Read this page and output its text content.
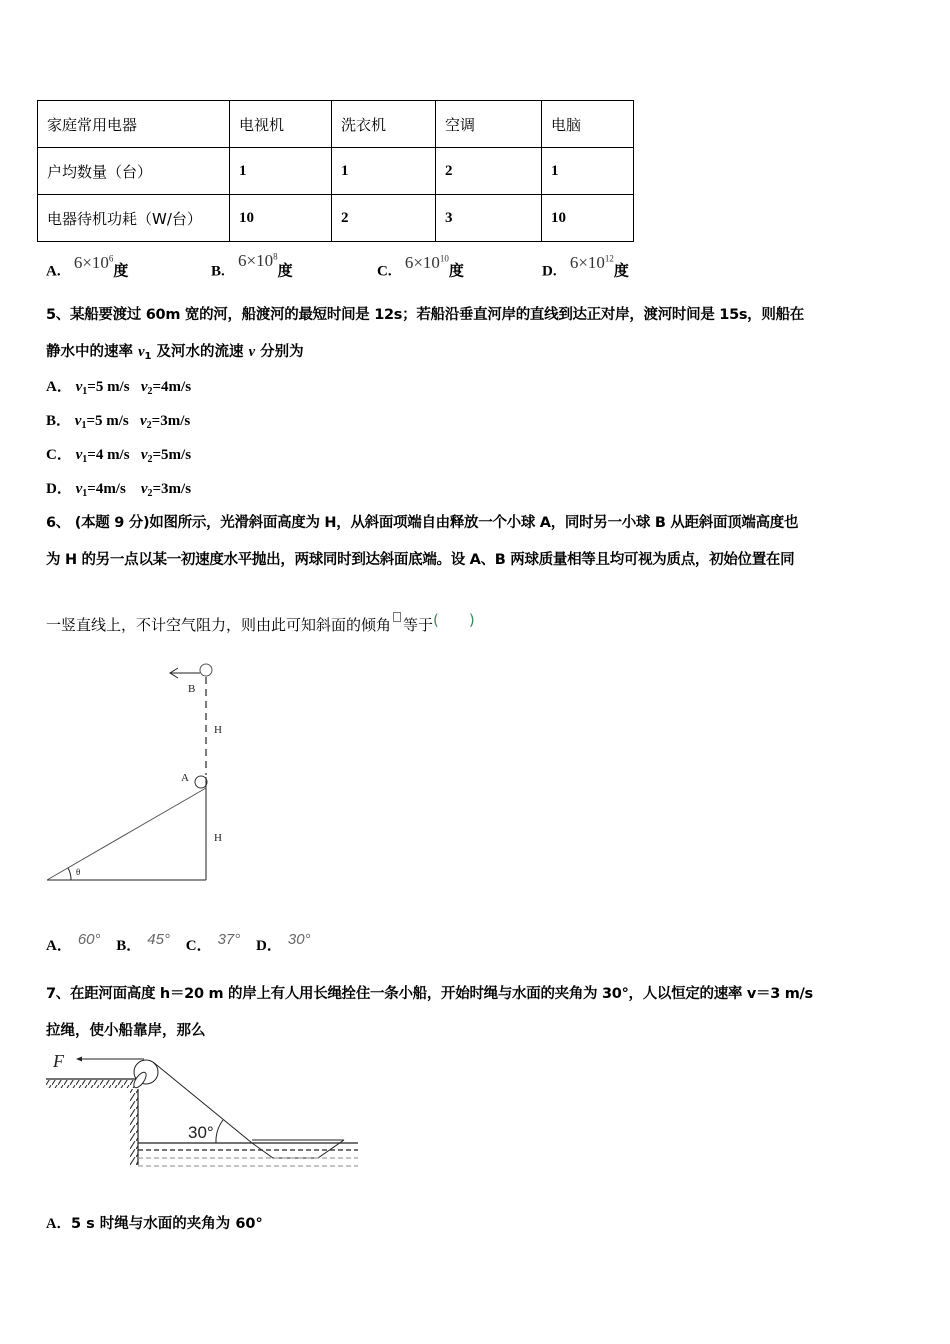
家庭常用电器	电视机	洗衣机	空调	电脑
户均数量（台）	1	1	2	1
电器待机功耗（W/台）	10	2	3	10
A. $6\times 10^6$度	B. $6\times 10^8$度	C. $6\times 10^{10}$度	D. $6\times 10^{12}$度
5、某船要渡过 60m 宽的河，船渡河的最短时间是 12s；若船沿垂直河岸的直线到达正对岸，渡河时间是 15s，则船在
静水中的速率 $v_1$ 及河水的流速 v 分别为
A． $v_1=5$ m/s $v_2=4m/s$
B． $v_1=5$ m/s $v_2=3m/s$
C． $v_1=4$ m/s $v_2=5m/s$
D． $v_1=4m/s$ $v_2=3m/s$
6、 (本题 9 分)如图所示，光滑斜面高度为 H，从斜面项端自由释放一个小球 A，同时另一小球 B 从距斜面顶端高度也
为 H 的另一点以某一初速度水平抛出，两球同时到达斜面底端。设 A、B 两球质量相等且均可视为质点，初始位置在同
一竖直线上，不计空气阻力，则由此可知斜面的倾角 等于( )
B
H
A
H
θ
A． 60° B． 45° C． 37° D． 30°
7、在距河面高度 h＝20 m 的岸上有人用长绳拴住一条小船，开始时绳与水面的夹角为 30°，人以恒定的速率 v＝3 m/s
拉绳，使小船靠岸，那么
F
30°
A．5 s 时绳与水面的夹角为 60°
